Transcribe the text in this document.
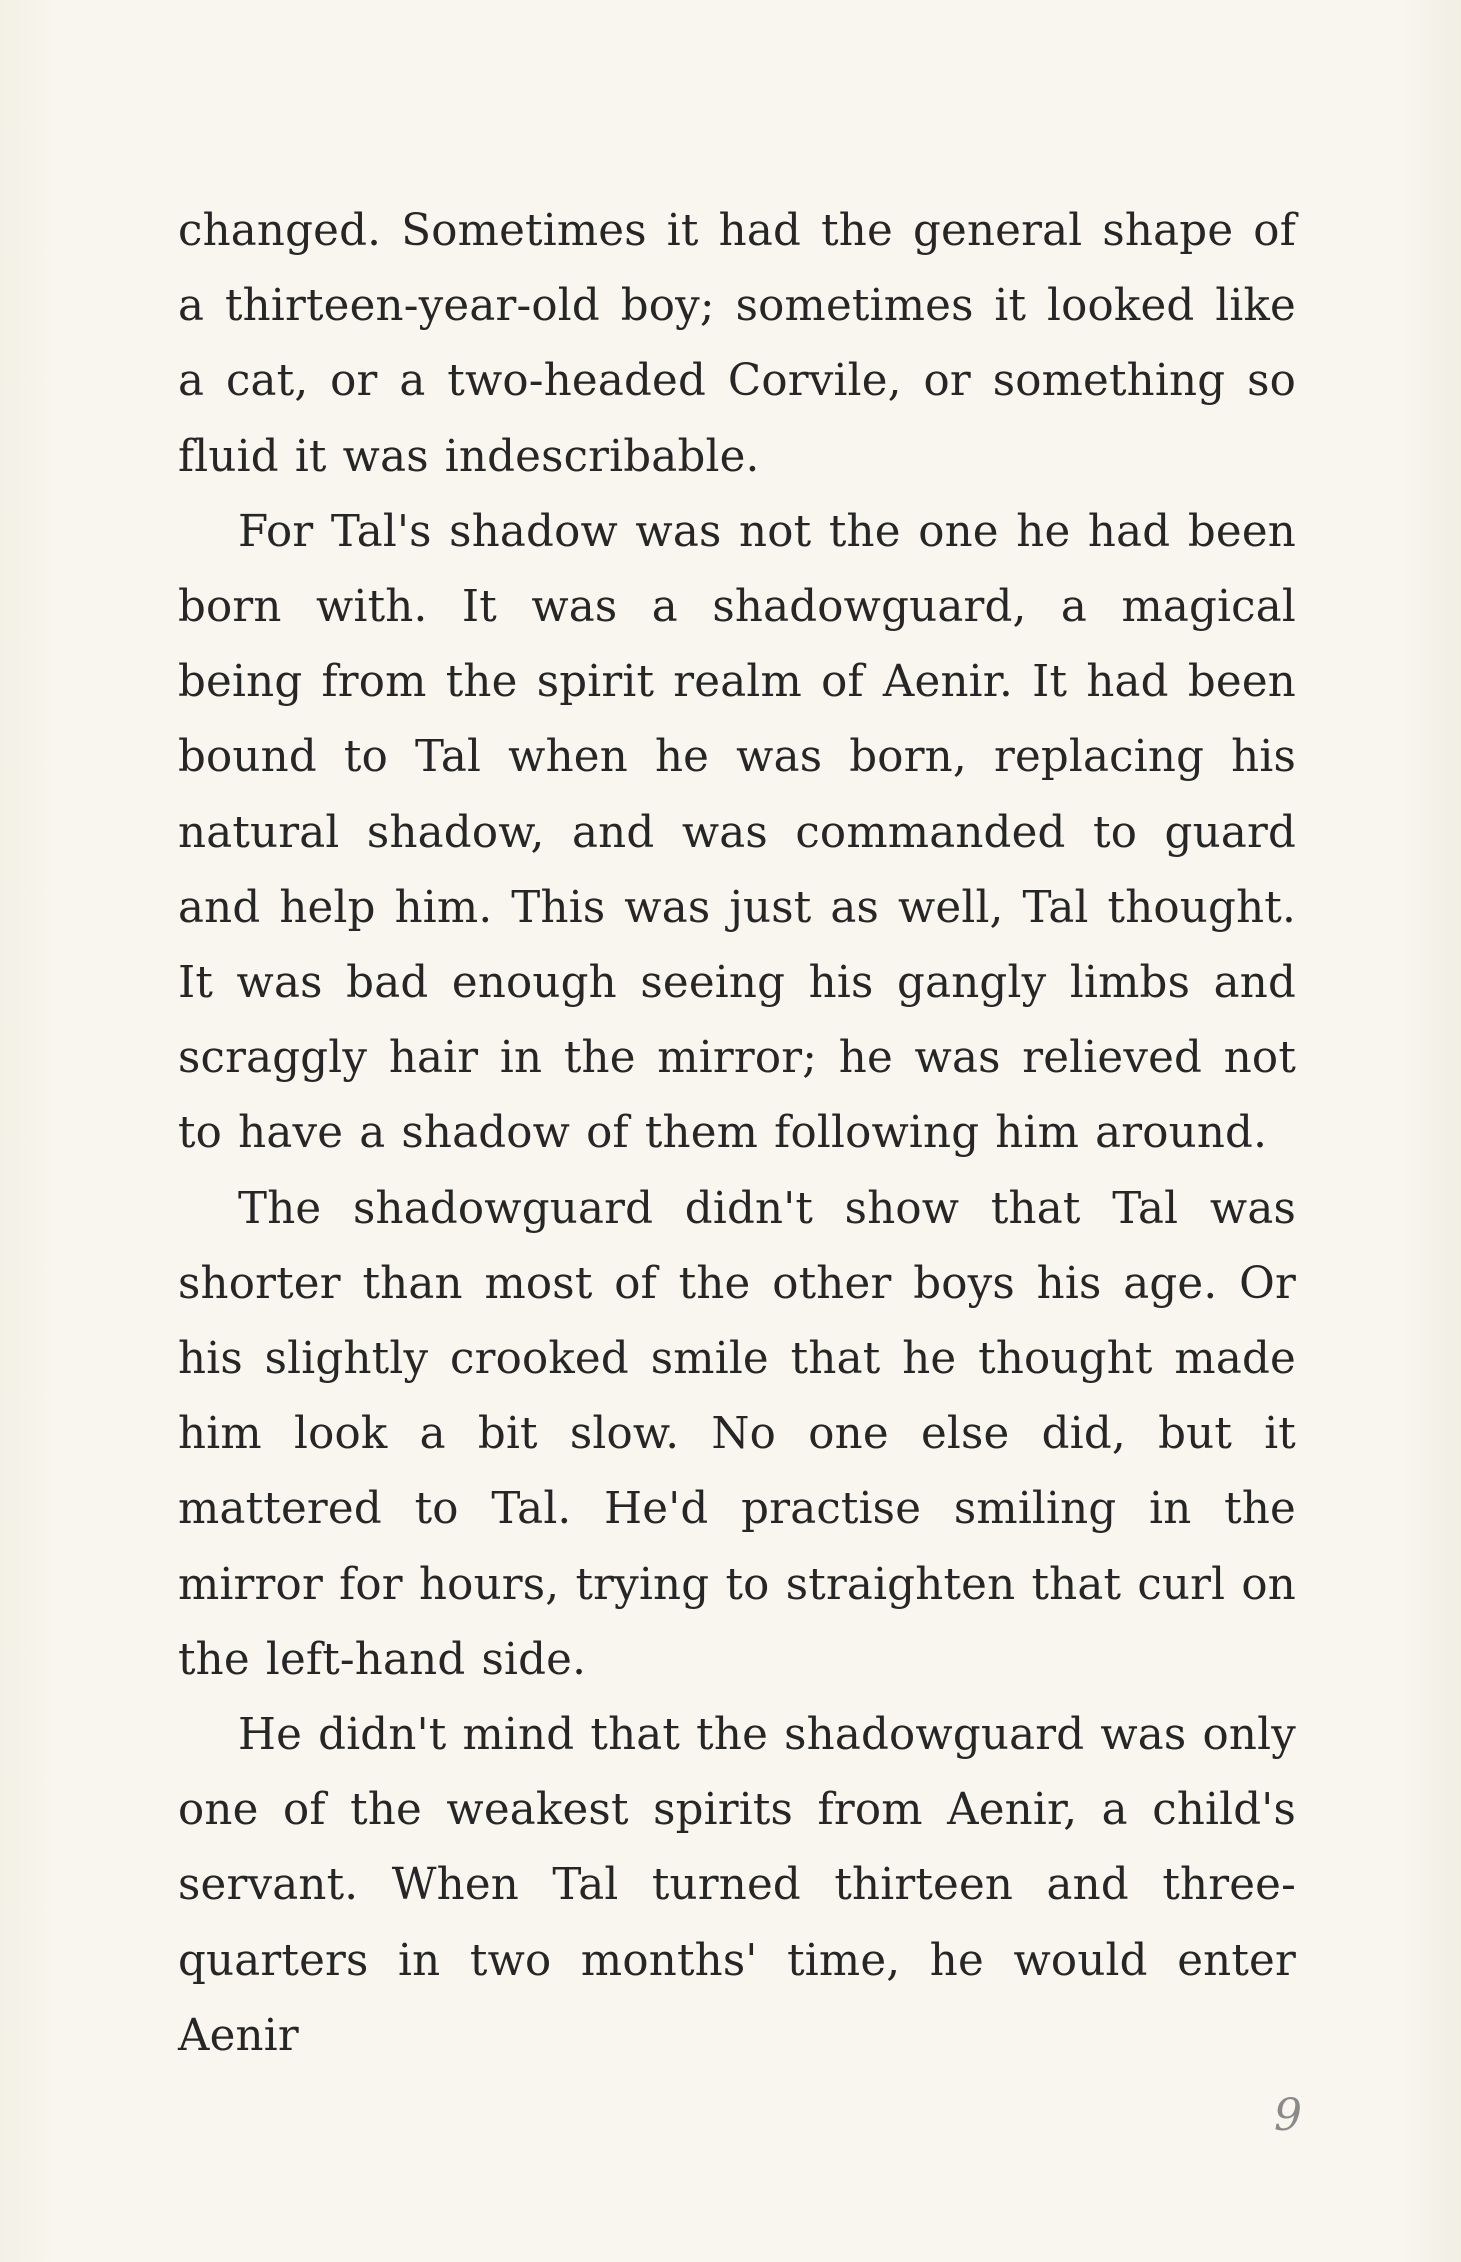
changed. Sometimes it had the general shape of a thirteen-year-old boy; sometimes it looked like a cat, or a two-headed Corvile, or something so fluid it was indescribable.

For Tal's shadow was not the one he had been born with. It was a shadowguard, a magical being from the spirit realm of Aenir. It had been bound to Tal when he was born, replacing his natural shadow, and was commanded to guard and help him. This was just as well, Tal thought. It was bad enough seeing his gangly limbs and scraggly hair in the mirror; he was relieved not to have a shadow of them following him around.

The shadowguard didn't show that Tal was shorter than most of the other boys his age. Or his slightly crooked smile that he thought made him look a bit slow. No one else did, but it mattered to Tal. He'd practise smiling in the mirror for hours, trying to straighten that curl on the left-hand side.

He didn't mind that the shadowguard was only one of the weakest spirits from Aenir, a child's servant. When Tal turned thirteen and three-quarters in two months' time, he would enter Aenir

9
